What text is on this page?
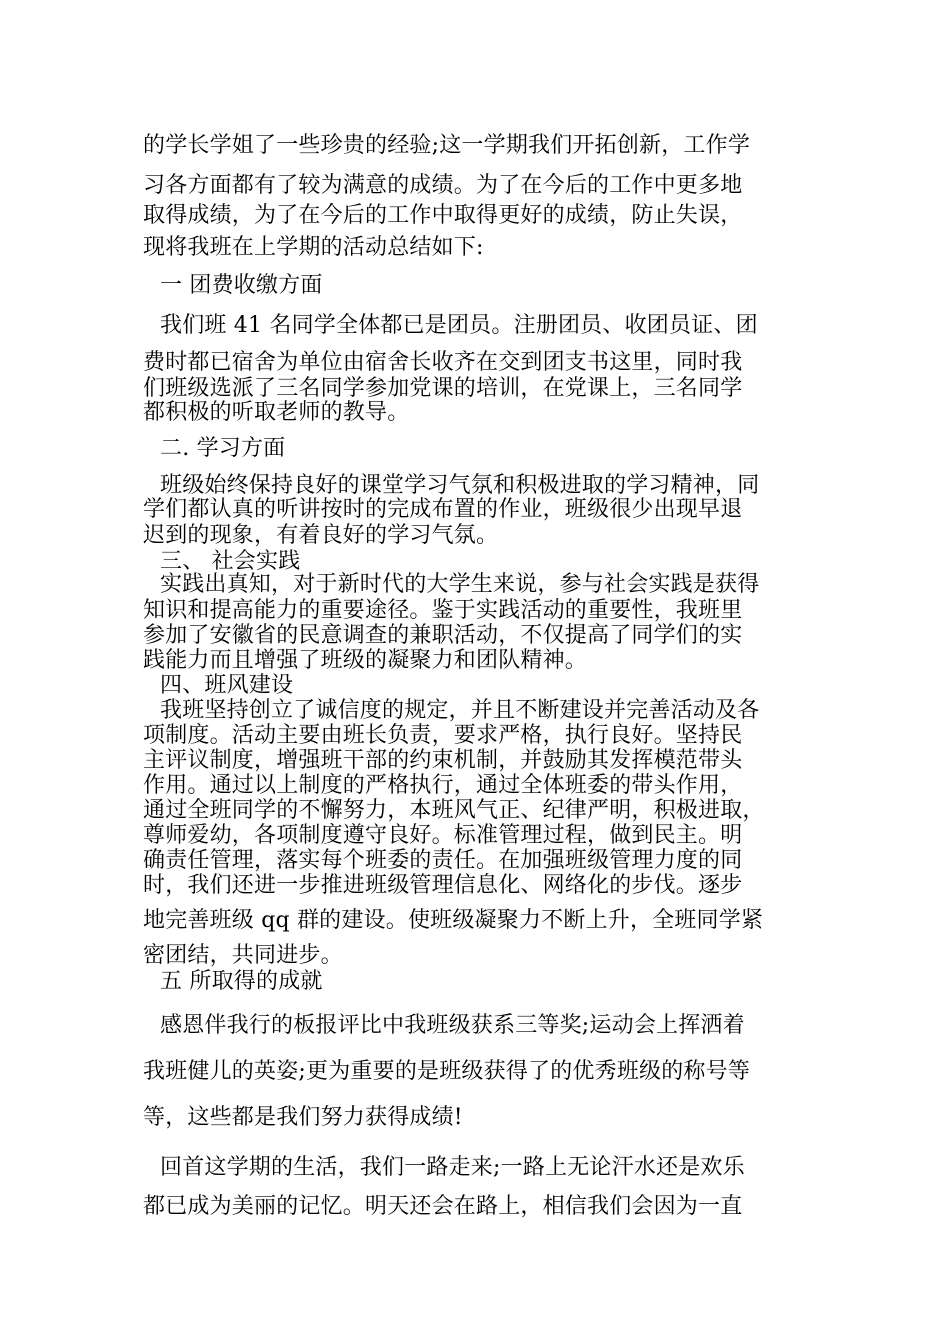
的学长学姐了一些珍贵的经验;这一学期我们开拓创新，工作学
习各方面都有了较为满意的成绩。为了在今后的工作中更多地
取得成绩，为了在今后的工作中取得更好的成绩，防止失误，
现将我班在上学期的活动总结如下:
一 团费收缴方面
我们班 41 名同学全体都已是团员。注册团员、收团员证、团
费时都已宿舍为单位由宿舍长收齐在交到团支书这里，同时我
们班级选派了三名同学参加党课的培训，在党课上，三名同学
都积极的听取老师的教导。
二. 学习方面
班级始终保持良好的课堂学习气氛和积极进取的学习精神，同
学们都认真的听讲按时的完成布置的作业，班级很少出现早退
迟到的现象，有着良好的学习气氛。
三、 社会实践
实践出真知，对于新时代的大学生来说，参与社会实践是获得
知识和提高能力的重要途径。鉴于实践活动的重要性，我班里
参加了安徽省的民意调查的兼职活动，不仅提高了同学们的实
践能力而且增强了班级的凝聚力和团队精神。
四、班风建设
我班坚持创立了诚信度的规定，并且不断建设并完善活动及各
项制度。活动主要由班长负责，要求严格，执行良好。坚持民
主评议制度，增强班干部的约束机制，并鼓励其发挥模范带头
作用。通过以上制度的严格执行，通过全体班委的带头作用，
通过全班同学的不懈努力，本班风气正、纪律严明，积极进取，
尊师爱幼，各项制度遵守良好。标准管理过程，做到民主。明
确责任管理，落实每个班委的责任。在加强班级管理力度的同
时，我们还进一步推进班级管理信息化、网络化的步伐。逐步
地完善班级 qq 群的建设。使班级凝聚力不断上升，全班同学紧
密团结，共同进步。
五 所取得的成就
感恩伴我行的板报评比中我班级获系三等奖;运动会上挥洒着
我班健儿的英姿;更为重要的是班级获得了的优秀班级的称号等
等，这些都是我们努力获得成绩!
回首这学期的生活，我们一路走来;一路上无论汗水还是欢乐
都已成为美丽的记忆。明天还会在路上，相信我们会因为一直
